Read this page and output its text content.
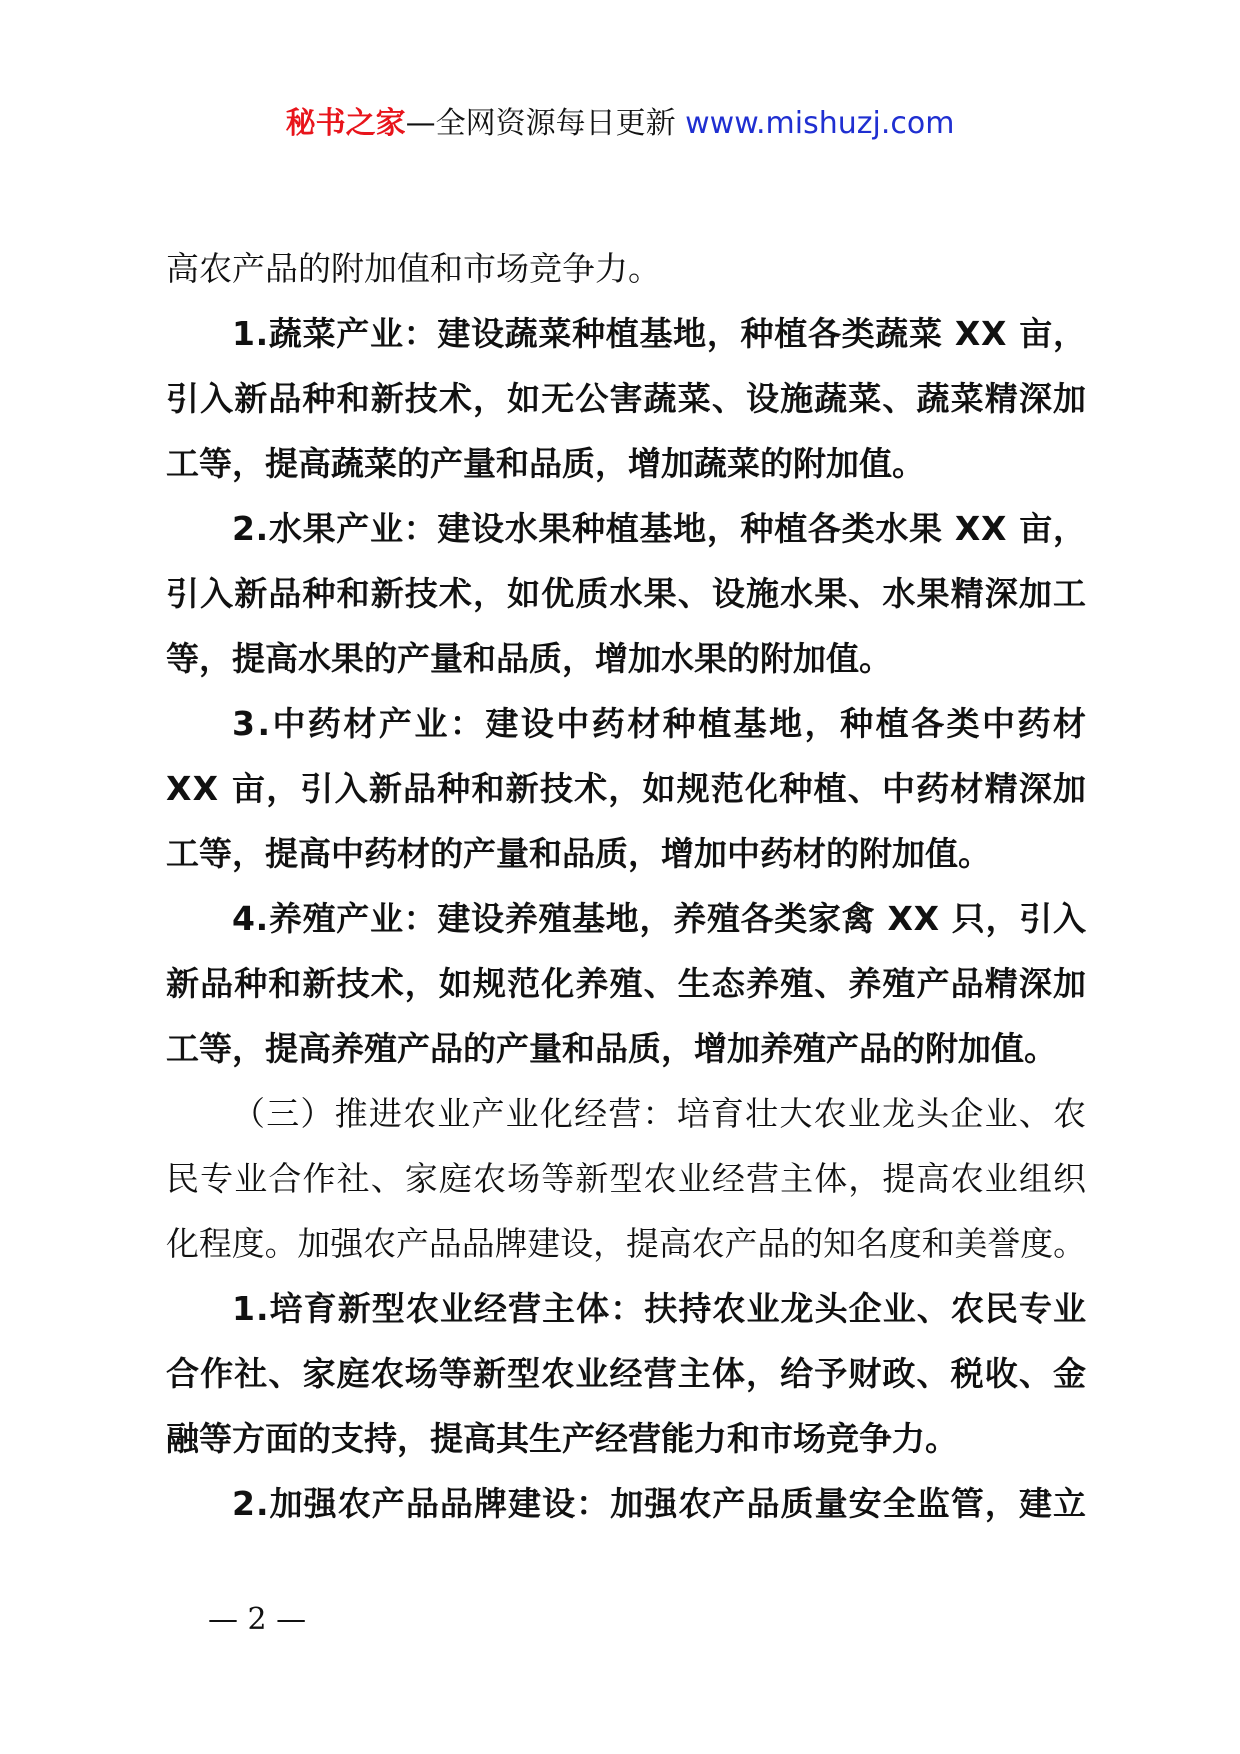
秘书之家—全网资源每日更新 www.mishuzj.com
高农产品的附加值和市场竞争力。
1.蔬菜产业：建设蔬菜种植基地，种植各类蔬菜 XX 亩，
引入新品种和新技术，如无公害蔬菜、设施蔬菜、蔬菜精深加
工等，提高蔬菜的产量和品质，增加蔬菜的附加值。
2.水果产业：建设水果种植基地，种植各类水果 XX 亩，
引入新品种和新技术，如优质水果、设施水果、水果精深加工
等，提高水果的产量和品质，增加水果的附加值。
3.中药材产业：建设中药材种植基地，种植各类中药材
XX 亩，引入新品种和新技术，如规范化种植、中药材精深加
工等，提高中药材的产量和品质，增加中药材的附加值。
4.养殖产业：建设养殖基地，养殖各类家禽 XX 只，引入
新品种和新技术，如规范化养殖、生态养殖、养殖产品精深加
工等，提高养殖产品的产量和品质，增加养殖产品的附加值。
（三）推进农业产业化经营：培育壮大农业龙头企业、农
民专业合作社、家庭农场等新型农业经营主体，提高农业组织
化程度。加强农产品品牌建设，提高农产品的知名度和美誉度。
1.培育新型农业经营主体：扶持农业龙头企业、农民专业
合作社、家庭农场等新型农业经营主体，给予财政、税收、金
融等方面的支持，提高其生产经营能力和市场竞争力。
2.加强农产品品牌建设：加强农产品质量安全监管，建立
— 2 —
